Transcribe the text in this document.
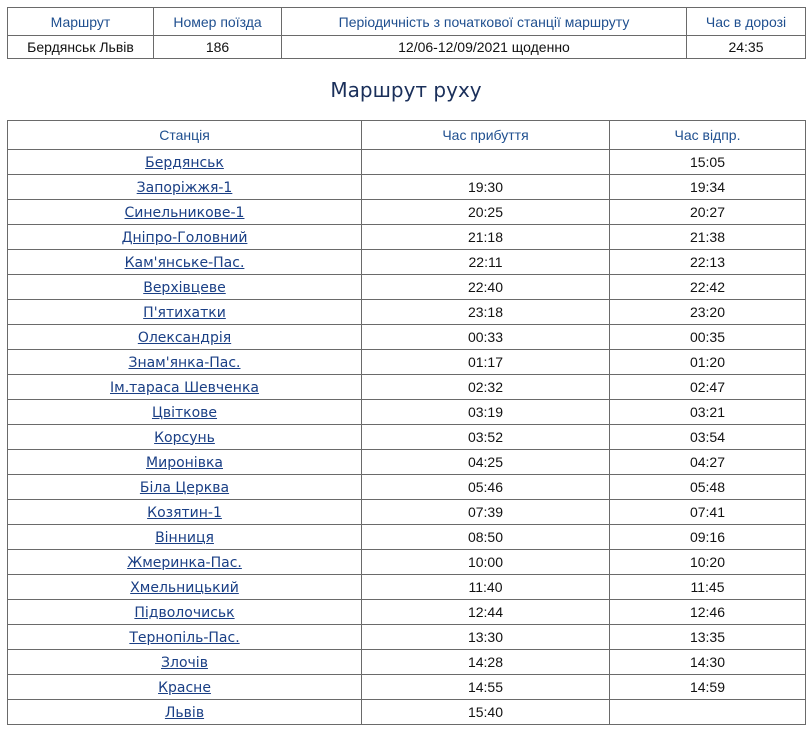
Маршрут	Номер поїзда	Періодичність з початкової станції маршруту	Час в дорозі
Бердянськ Львів	186	12/06-12/09/2021 щоденно	24:35
Маршрут руху
Станція	Час прибуття	Час відпр.
Бердянськ		15:05
Запоріжжя-1	19:30	19:34
Синельникове-1	20:25	20:27
Дніпро-Головний	21:18	21:38
Кам'янське-Пас.	22:11	22:13
Верхівцеве	22:40	22:42
П'ятихатки	23:18	23:20
Олександрія	00:33	00:35
Знам'янка-Пас.	01:17	01:20
Ім.тараса Шевченка	02:32	02:47
Цвіткове	03:19	03:21
Корсунь	03:52	03:54
Миронівка	04:25	04:27
Біла Церква	05:46	05:48
Козятин-1	07:39	07:41
Вінниця	08:50	09:16
Жмеринка-Пас.	10:00	10:20
Хмельницький	11:40	11:45
Підволочиськ	12:44	12:46
Тернопіль-Пас.	13:30	13:35
Злочів	14:28	14:30
Красне	14:55	14:59
Львів	15:40	
